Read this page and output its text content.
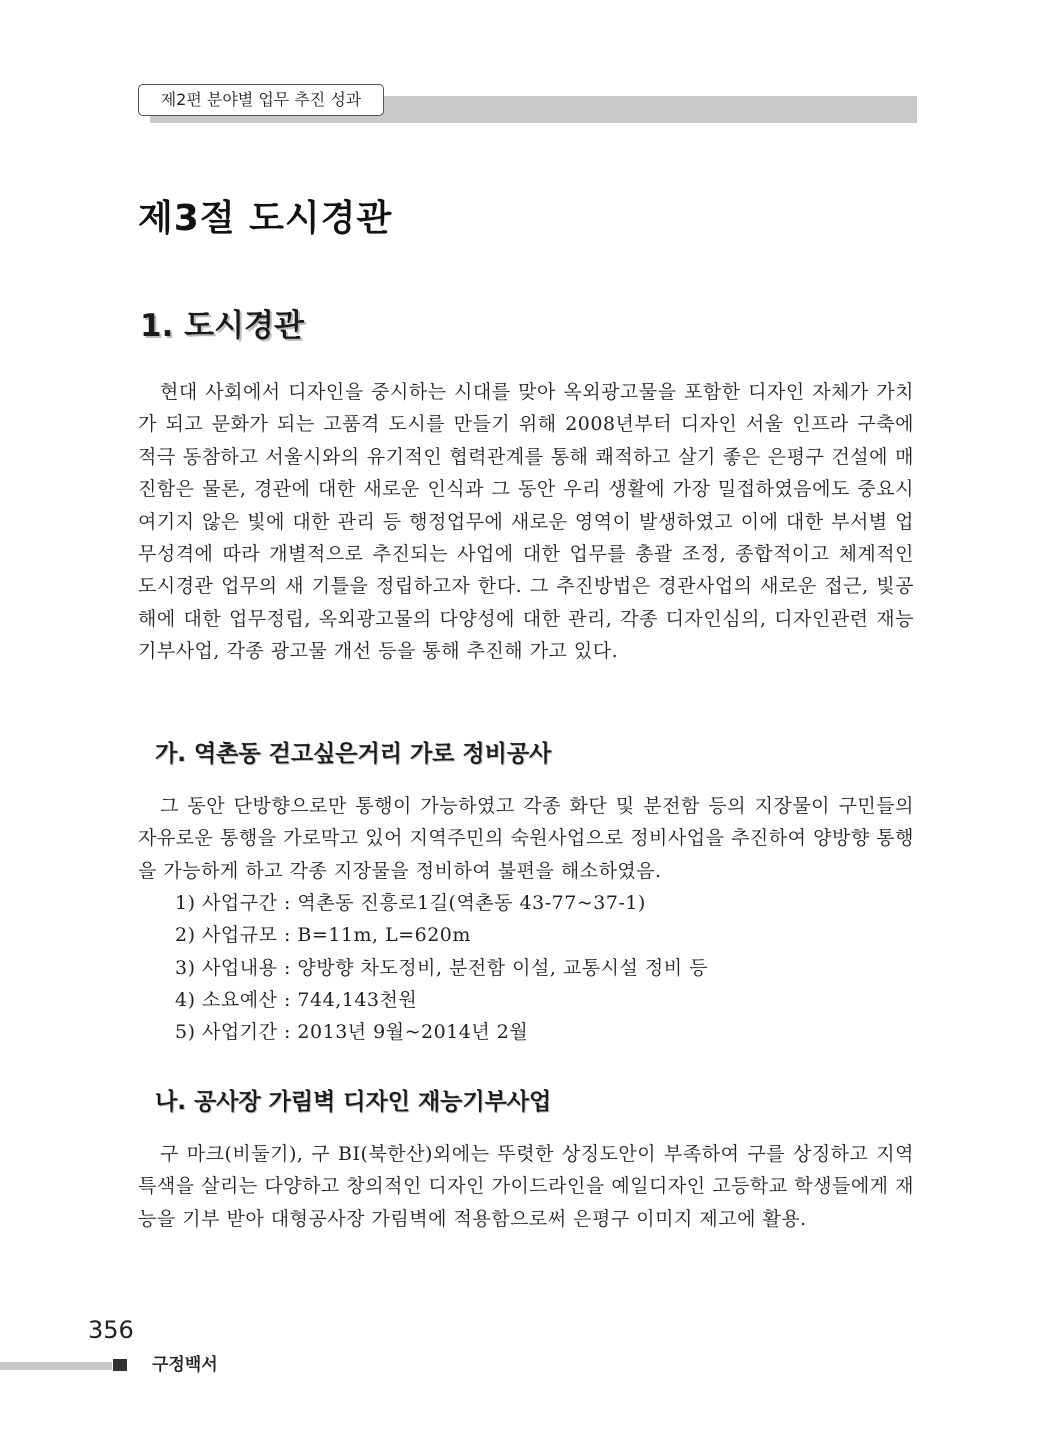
제2편 분야별 업무 추진 성과
제3절 도시경관
1. 도시경관

현대 사회에서 디자인을 중시하는 시대를 맞아 옥외광고물을 포함한 디자인 자체가 가치가 되고 문화가 되는 고품격 도시를 만들기 위해 2008년부터 디자인 서울 인프라 구축에 적극 동참하고 서울시와의 유기적인 협력관계를 통해 쾌적하고 살기 좋은 은평구 건설에 매진함은 물론, 경관에 대한 새로운 인식과 그 동안 우리 생활에 가장 밀접하였음에도 중요시 여기지 않은 빛에 대한 관리 등 행정업무에 새로운 영역이 발생하였고 이에 대한 부서별 업무성격에 따라 개별적으로 추진되는 사업에 대한 업무를 총괄 조정, 종합적이고 체계적인 도시경관 업무의 새 기틀을 정립하고자 한다. 그 추진방법은 경관사업의 새로운 접근, 빛공해에 대한 업무정립, 옥외광고물의 다양성에 대한 관리, 각종 디자인심의, 디자인관련 재능기부사업, 각종 광고물 개선 등을 통해 추진해 가고 있다.

가. 역촌동 걷고싶은거리 가로 정비공사

그 동안 단방향으로만 통행이 가능하였고 각종 화단 및 분전함 등의 지장물이 구민들의 자유로운 통행을 가로막고 있어 지역주민의 숙원사업으로 정비사업을 추진하여 양방향 통행을 가능하게 하고 각종 지장물을 정비하여 불편을 해소하였음.

1) 사업구간 : 역촌동 진흥로1길(역촌동 43-77~37-1)
2) 사업규모 : B=11m, L=620m
3) 사업내용 : 양방향 차도정비, 분전함 이설, 교통시설 정비 등
4) 소요예산 : 744,143천원
5) 사업기간 : 2013년 9월~2014년 2월
나. 공사장 가림벽 디자인 재능기부사업

구 마크(비둘기), 구 BI(북한산)외에는 뚜렷한 상징도안이 부족하여 구를 상징하고 지역 특색을 살리는 다양하고 창의적인 디자인 가이드라인을 예일디자인 고등학교 학생들에게 재능을 기부 받아 대형공사장 가림벽에 적용함으로써 은평구 이미지 제고에 활용.

356
구정백서
